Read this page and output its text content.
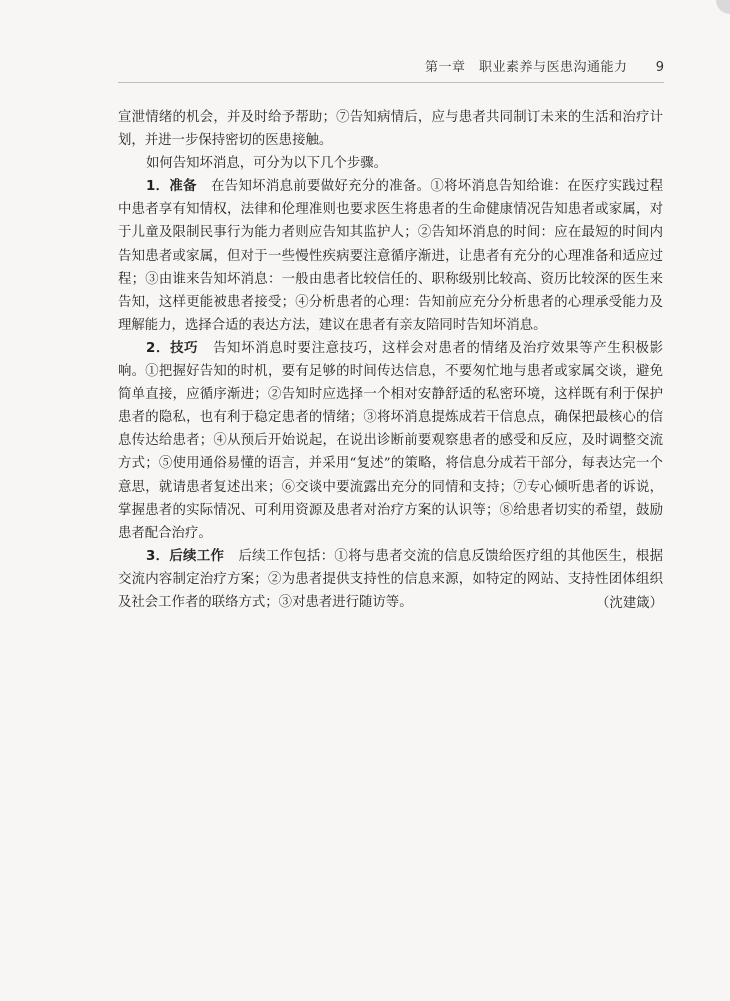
第一章　职业素养与医患沟通能力 9

宣泄情绪的机会，并及时给予帮助；⑦告知病情后，应与患者共同制订未来的生活和治疗计划，并进一步保持密切的医患接触。

如何告知坏消息，可分为以下几个步骤。

1．准备 在告知坏消息前要做好充分的准备。①将坏消息告知给谁：在医疗实践过程中患者享有知情权，法律和伦理准则也要求医生将患者的生命健康情况告知患者或家属，对于儿童及限制民事行为能力者则应告知其监护人；②告知坏消息的时间：应在最短的时间内告知患者或家属，但对于一些慢性疾病要注意循序渐进，让患者有充分的心理准备和适应过程；③由谁来告知坏消息：一般由患者比较信任的、职称级别比较高、资历比较深的医生来告知，这样更能被患者接受；④分析患者的心理：告知前应充分分析患者的心理承受能力及理解能力，选择合适的表达方法，建议在患者有亲友陪同时告知坏消息。

2．技巧 告知坏消息时要注意技巧，这样会对患者的情绪及治疗效果等产生积极影响。①把握好告知的时机，要有足够的时间传达信息，不要匆忙地与患者或家属交谈，避免简单直接，应循序渐进；②告知时应选择一个相对安静舒适的私密环境，这样既有利于保护患者的隐私，也有利于稳定患者的情绪；③将坏消息提炼成若干信息点，确保把最核心的信息传达给患者；④从预后开始说起，在说出诊断前要观察患者的感受和反应，及时调整交流方式；⑤使用通俗易懂的语言，并采用“复述”的策略，将信息分成若干部分，每表达完一个意思，就请患者复述出来；⑥交谈中要流露出充分的同情和支持；⑦专心倾听患者的诉说，掌握患者的实际情况、可利用资源及患者对治疗方案的认识等；⑧给患者切实的希望，鼓励患者配合治疗。

3．后续工作 后续工作包括：①将与患者交流的信息反馈给医疗组的其他医生，根据交流内容制定治疗方案；②为患者提供支持性的信息来源，如特定的网站、支持性团体组织及社会工作者的联络方式；③对患者进行随访等。	（沈建箴）
